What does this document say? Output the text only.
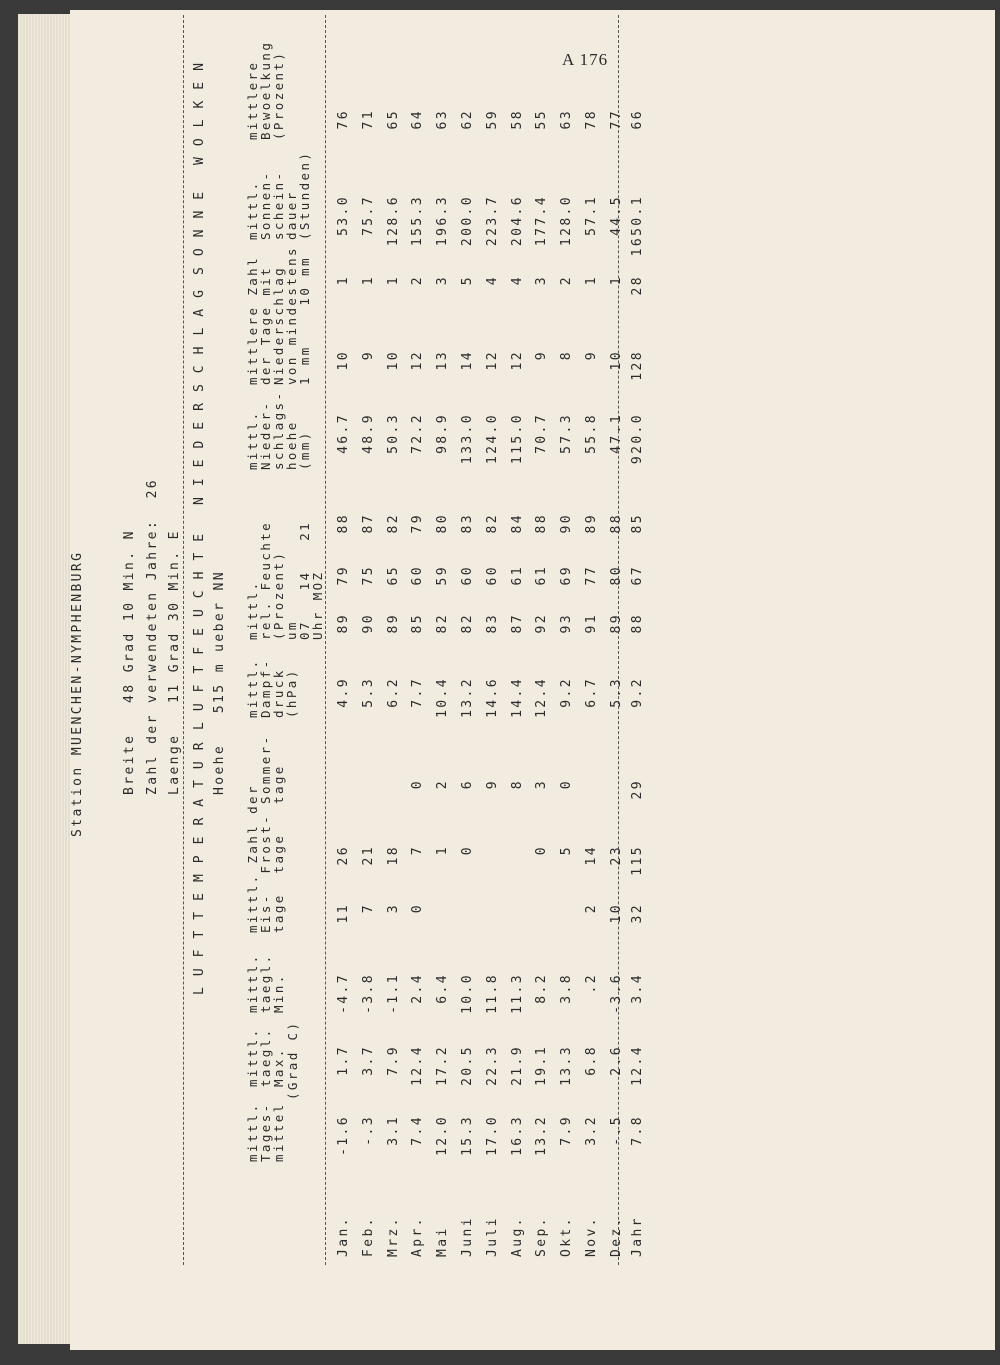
A 176
Station MUENCHEN-NYMPHENBURG

	Breite   48 Grad 10 Min. N

Laenge   11 Grad 30 Min. E

Hoehe   515 m ueber NN

Zahl der verwendeten Jahre:  26
LUFTTEMPERATUR
LUFTFEUCHTE
NIEDERSCHLAG
SONNE
WOLKEN

mittl.
Tages-
mittel

mittl.
taegl.
Max.

mittl.
taegl.
Min.

(Grad C)

mittl. Zahl der
Eis-  Frost- Sommer-
tage  tage   tage

mittl.
Dampf-
druck
(hPa)

mittl.
rel. Feuchte
(Prozent)
um
07   14   21
Uhr MOZ

mittl.
Nieder-
schlags-
hoehe
(mm)

mittlere Zahl
der Tage mit
Niederschlag
von mindestens
1 mm    10 mm

mittl.
Sonnen-
schein-
dauer
(Stunden)

mittlere
Bewoelkung
(Prozent)

Jan.
-1.6
1.7
-4.7
11
26
4.9
89
79
88
46.7
10
1
53.0
76
Feb.
-.3
3.7
-3.8
7
21
5.3
90
75
87
48.9
9
1
75.7
71
Mrz.
3.1
7.9
-1.1
3
18
6.2
89
65
82
50.3
10
1
128.6
65
Apr.
7.4
12.4
2.4
0
7
0
7.7
85
60
79
72.2
12
2
155.3
64
Mai
12.0
17.2
6.4
1
2
10.4
82
59
80
98.9
13
3
196.3
63
Juni
15.3
20.5
10.0
0
6
13.2
82
60
83
133.0
14
5
200.0
62
Juli
17.0
22.3
11.8
9
14.6
83
60
82
124.0
12
4
223.7
59
Aug.
16.3
21.9
11.3
8
14.4
87
61
84
115.0
12
4
204.6
58
Sep.
13.2
19.1
8.2
0
3
12.4
92
61
88
70.7
9
3
177.4
55
Okt.
7.9
13.3
3.8
5
0
9.2
93
69
90
57.3
8
2
128.0
63
Nov.
3.2
6.8
.2
2
14
6.7
91
77
89
55.8
9
1
57.1
78
Dez.
-.5
2.6
-3.6
10
23
5.3
89
80
88
47.1
10
1
44.5
77
Jahr
7.8
12.4
3.4
32
115
29
9.2
88
67
85
920.0
128
28
1650.1
66
